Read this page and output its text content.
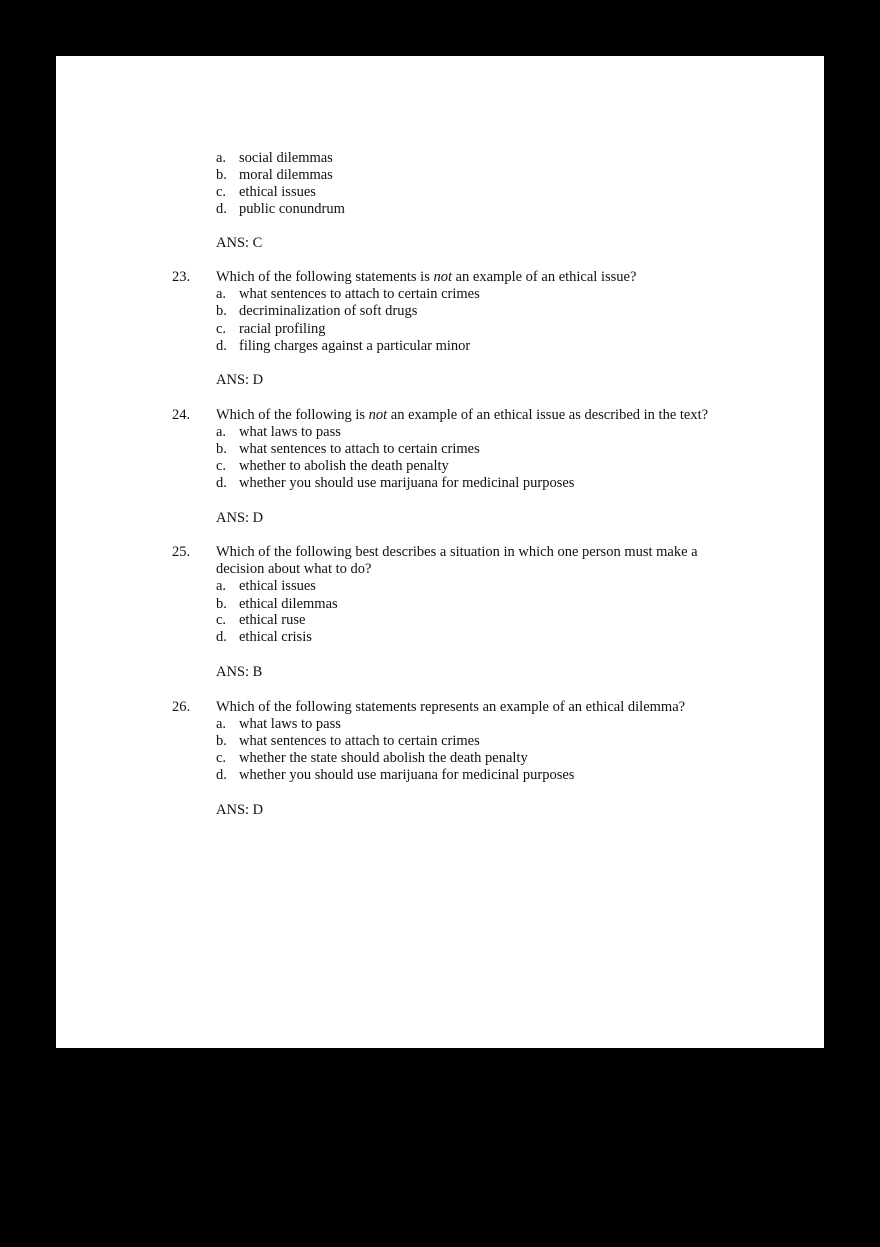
a. social dilemmas
b. moral dilemmas
c. ethical issues
d. public conundrum
ANS: C
23. Which of the following statements is not an example of an ethical issue?
a. what sentences to attach to certain crimes
b. decriminalization of soft drugs
c. racial profiling
d. filing charges against a particular minor
ANS: D
24. Which of the following is not an example of an ethical issue as described in the text?
a. what laws to pass
b. what sentences to attach to certain crimes
c. whether to abolish the death penalty
d. whether you should use marijuana for medicinal purposes
ANS: D
25. Which of the following best describes a situation in which one person must make a
decision about what to do?
a. ethical issues
b. ethical dilemmas
c. ethical ruse
d. ethical crisis
ANS: B
26. Which of the following statements represents an example of an ethical dilemma?
a. what laws to pass
b. what sentences to attach to certain crimes
c. whether the state should abolish the death penalty
d. whether you should use marijuana for medicinal purposes
ANS: D
